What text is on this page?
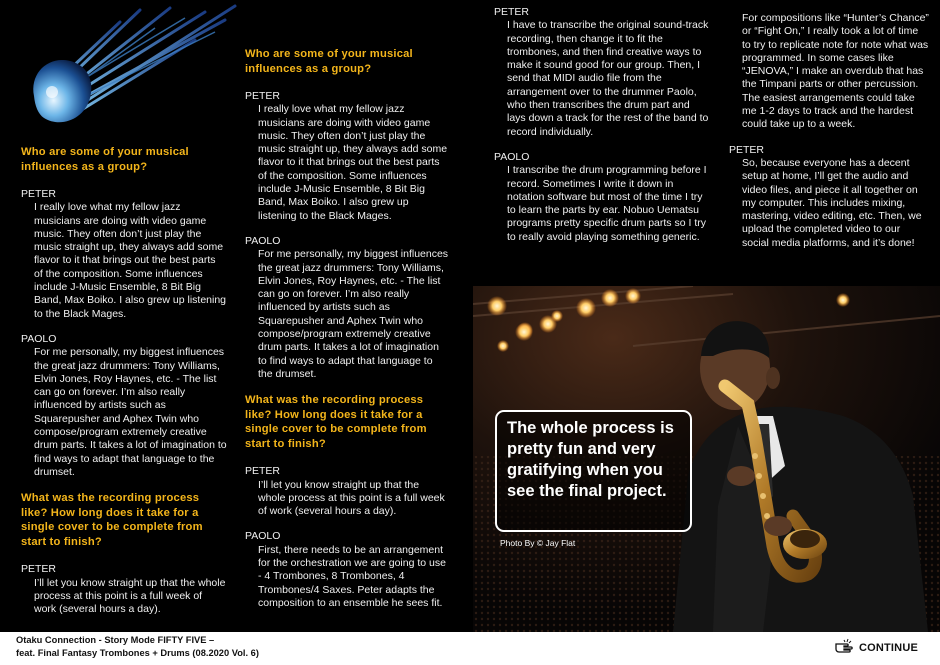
Who are some of your musical influences as a group?

PETER

I really love what my fellow jazz musicians are doing with video game music. They often don’t just play the music straight up, they always add some flavor to it that brings out the best parts of the composition. Some influences include J-Music Ensemble, 8 Bit Big Band, Max Boiko. I also grew up listening to the Black Mages.

PAOLO

For me personally, my biggest influences the great jazz drummers: Tony Williams, Elvin Jones, Roy Haynes, etc. - The list can go on forever. I’m also really influenced by artists such as Squarepusher and Aphex Twin who compose/program extremely creative drum parts. It takes a lot of imagination to find ways to adapt that language to the drumset.

What was the recording process like? How long does it take for a single cover to be complete from start to finish?

PETER

I’ll let you know straight up that the whole process at this point is a full week of work (several hours a day).

Who are some of your musical influences as a group?

PETER

I really love what my fellow jazz musicians are doing with video game music. They often don’t just play the music straight up, they always add some flavor to it that brings out the best parts of the composition. Some influences include J-Music Ensemble, 8 Bit Big Band, Max Boiko. I also grew up listening to the Black Mages.

PAOLO

For me personally, my biggest influences the great jazz drummers: Tony Williams, Elvin Jones, Roy Haynes, etc. - The list can go on forever. I’m also really influenced by artists such as Squarepusher and Aphex Twin who compose/program extremely creative drum parts. It takes a lot of imagination to find ways to adapt that language to the drumset.

What was the recording process like? How long does it take for a single cover to be complete from start to finish?

PETER

I’ll let you know straight up that the whole process at this point is a full week of work (several hours a day).

PAOLO

First, there needs to be an arrangement for the orchestration we are going to use - 4 Trombones, 8 Trombones, 4 Trombones/4 Saxes. Peter adapts the composition to an ensemble he sees fit.

PETER

I have to transcribe the original sound-track recording, then change it to fit the trombones, and then find creative ways to make it sound good for our group. Then, I send that MIDI audio file from the arrangement over to the drummer Paolo, who then transcribes the drum part and lays down a track for the rest of the band to record individually.

PAOLO

I transcribe the drum programming before I record. Sometimes I write it down in notation software but most of the time I try to learn the parts by ear. Nobuo Uematsu programs pretty specific drum parts so I try to really avoid playing something generic.

For compositions like “Hunter’s Chance” or “Fight On,” I really took a lot of time to try to replicate note for note what was programmed. In some cases like “JENOVA,” I make an overdub that has the Timpani parts or other percussion. The easiest arrangements could take me 1-2 days to track and the hardest could take up to a week.

PETER

So, because everyone has a decent setup at home, I’ll get the audio and video files, and piece it all together on my computer. This includes mixing, mastering, video editing, etc. Then, we upload the completed video to our social media platforms, and it’s done!

The whole process is pretty fun and very gratifying when you see the final project.

Photo By © Jay Flat

Otaku Connection - Story Mode FIFTY FIVE –

feat. Final Fantasy Trombones + Drums (08.2020 Vol. 6)	CONTINUE
